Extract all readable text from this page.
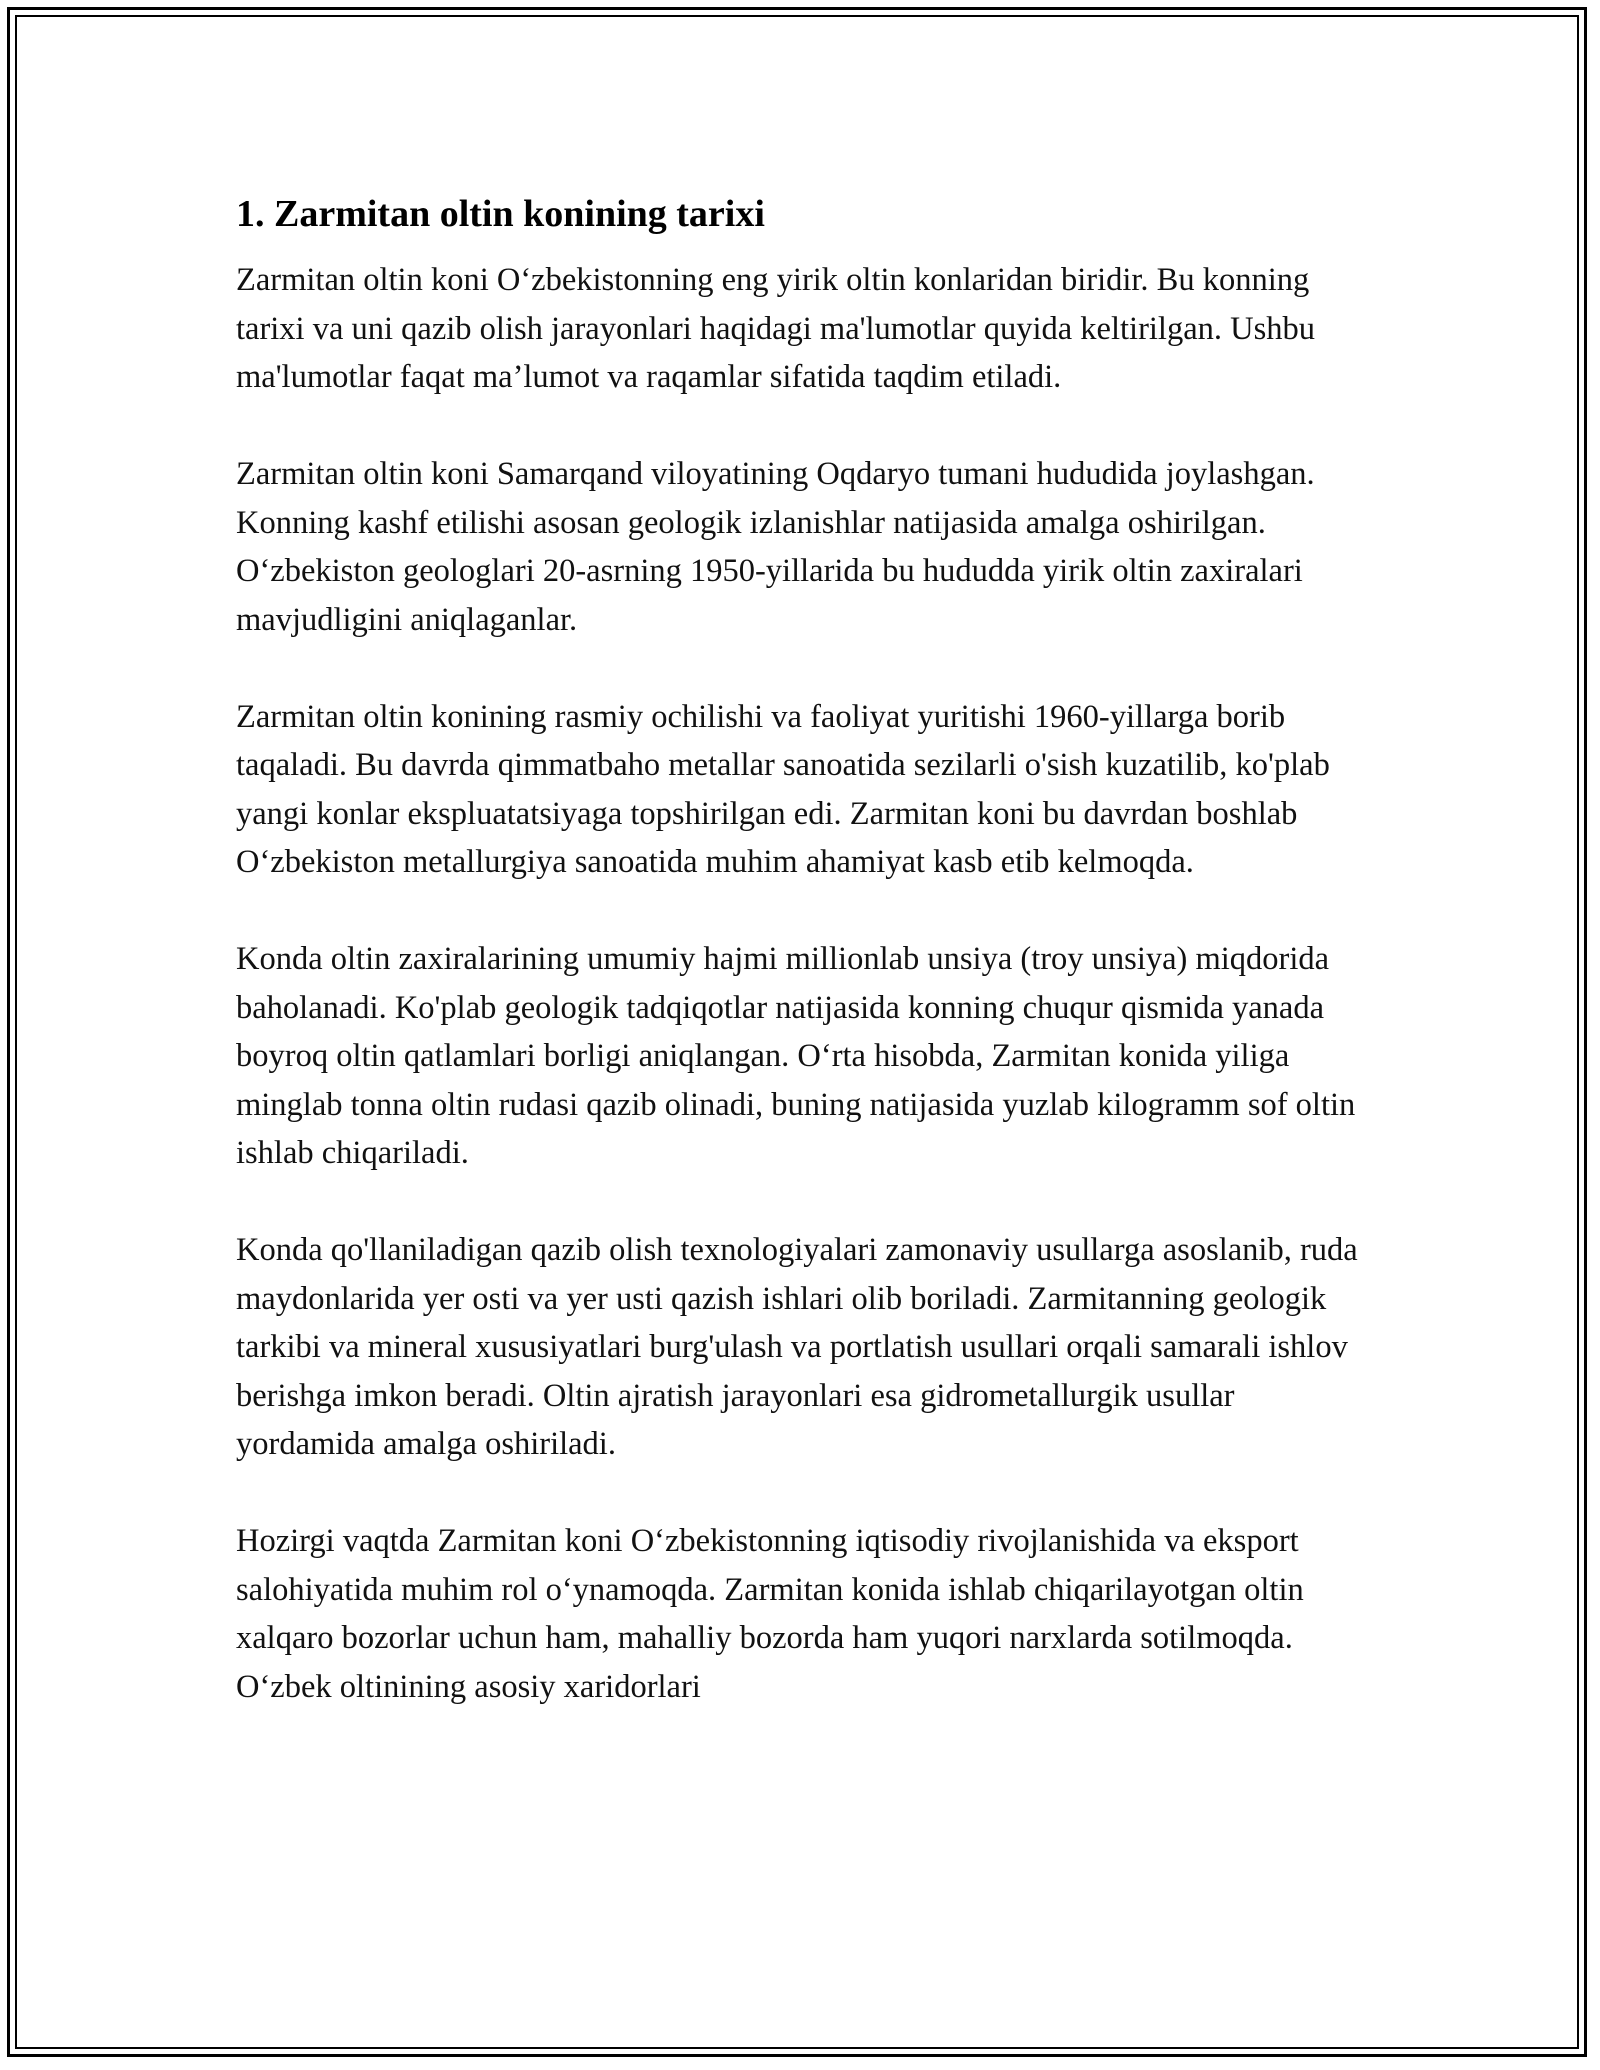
1. Zarmitan oltin konining tarixi

Zarmitan oltin koni O‘zbekistonning eng yirik oltin konlaridan biridir. Bu konning tarixi va uni qazib olish jarayonlari haqidagi ma'lumotlar quyida keltirilgan. Ushbu ma'lumotlar faqat ma’lumot va raqamlar sifatida taqdim etiladi.

Zarmitan oltin koni Samarqand viloyatining Oqdaryo tumani hududida joylashgan. Konning kashf etilishi asosan geologik izlanishlar natijasida amalga oshirilgan. O‘zbekiston geologlari 20-asrning 1950-yillarida bu hududda yirik oltin zaxiralari mavjudligini aniqlaganlar.

Zarmitan oltin konining rasmiy ochilishi va faoliyat yuritishi 1960-yillarga borib taqaladi. Bu davrda qimmatbaho metallar sanoatida sezilarli o'sish kuzatilib, ko'plab yangi konlar ekspluatatsiyaga topshirilgan edi. Zarmitan koni bu davrdan boshlab O‘zbekiston metallurgiya sanoatida muhim ahamiyat kasb etib kelmoqda.

Konda oltin zaxiralarining umumiy hajmi millionlab unsiya (troy unsiya) miqdorida baholanadi. Ko'plab geologik tadqiqotlar natijasida konning chuqur qismida yanada boyroq oltin qatlamlari borligi aniqlangan. O‘rta hisobda, Zarmitan konida yiliga minglab tonna oltin rudasi qazib olinadi, buning natijasida yuzlab kilogramm sof oltin ishlab chiqariladi.

Konda qo'llaniladigan qazib olish texnologiyalari zamonaviy usullarga asoslanib, ruda maydonlarida yer osti va yer usti qazish ishlari olib boriladi. Zarmitanning geologik tarkibi va mineral xususiyatlari burg'ulash va portlatish usullari orqali samarali ishlov berishga imkon beradi. Oltin ajratish jarayonlari esa gidrometallurgik usullar yordamida amalga oshiriladi.

Hozirgi vaqtda Zarmitan koni O‘zbekistonning iqtisodiy rivojlanishida va eksport salohiyatida muhim rol o‘ynamoqda. Zarmitan konida ishlab chiqarilayotgan oltin xalqaro bozorlar uchun ham, mahalliy bozorda ham yuqori narxlarda sotilmoqda. O‘zbek oltinining asosiy xaridorlari
